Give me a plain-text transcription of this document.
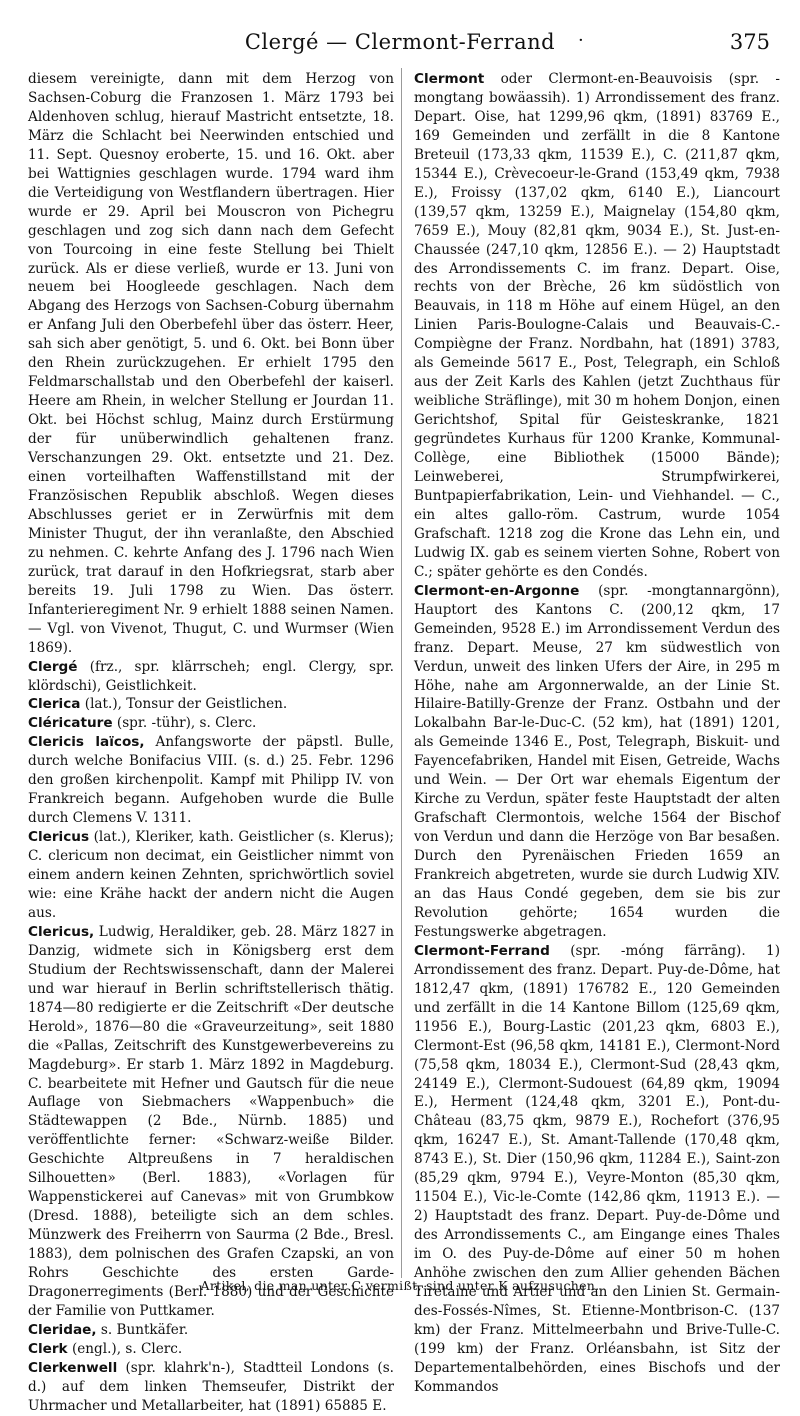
Clergé — Clermont-Ferrand	·	375

diesem vereinigte, dann mit dem Herzog von Sachsen-Coburg die Franzosen 1. März 1793 bei Aldenhoven schlug, hierauf Mastricht entsetzte, 18. März die Schlacht bei Neerwinden entschied und 11. Sept. Quesnoy eroberte, 15. und 16. Okt. aber bei Wattignies geschlagen wurde. 1794 ward ihm die Verteidigung von Westflandern übertragen. Hier wurde er 29. April bei Mouscron von Pichegru geschlagen und zog sich dann nach dem Gefecht von Tourcoing in eine feste Stellung bei Thielt zurück. Als er diese verließ, wurde er 13. Juni von neuem bei Hoogleede geschlagen. Nach dem Abgang des Herzogs von Sachsen-Coburg übernahm er Anfang Juli den Oberbefehl über das österr. Heer, sah sich aber genötigt, 5. und 6. Okt. bei Bonn über den Rhein zurückzugehen. Er erhielt 1795 den Feldmarschallstab und den Oberbefehl der kaiserl. Heere am Rhein, in welcher Stellung er Jourdan 11. Okt. bei Höchst schlug, Mainz durch Erstürmung der für unüberwindlich gehaltenen franz. Verschanzungen 29. Okt. entsetzte und 21. Dez. einen vorteilhaften Waffenstillstand mit der Französischen Republik abschloß. Wegen dieses Abschlusses geriet er in Zerwürfnis mit dem Minister Thugut, der ihn veranlaßte, den Abschied zu nehmen. C. kehrte Anfang des J. 1796 nach Wien zurück, trat darauf in den Hofkriegsrat, starb aber bereits 19. Juli 1798 zu Wien. Das österr. Infanterieregiment Nr. 9 erhielt 1888 seinen Namen. — Vgl. von Vivenot, Thugut, C. und Wurmser (Wien 1869).

Clergé (frz., spr. klärrscheh; engl. Clergy, spr. klördschi), Geistlichkeit.

Clerica (lat.), Tonsur der Geistlichen.

Cléricature (spr. -tühr), s. Clerc.

Clericis laïcos, Anfangsworte der päpstl. Bulle, durch welche Bonifacius VIII. (s. d.) 25. Febr. 1296 den großen kirchenpolit. Kampf mit Philipp IV. von Frankreich begann. Aufgehoben wurde die Bulle durch Clemens V. 1311.

Clericus (lat.), Kleriker, kath. Geistlicher (s. Klerus); C. clericum non decimat, ein Geistlicher nimmt von einem andern keinen Zehnten, sprichwörtlich soviel wie: eine Krähe hackt der andern nicht die Augen aus.

Clericus, Ludwig, Heraldiker, geb. 28. März 1827 in Danzig, widmete sich in Königsberg erst dem Studium der Rechtswissenschaft, dann der Malerei und war hierauf in Berlin schriftstellerisch thätig. 1874—80 redigierte er die Zeitschrift «Der deutsche Herold», 1876—80 die «Gravеurzeitung», seit 1880 die «Pallas, Zeitschrift des Kunstgewerbevereins zu Magdeburg». Er starb 1. März 1892 in Magdeburg. C. bearbeitete mit Hefner und Gautsch für die neue Auflage von Siebmachers «Wappenbuch» die Städtewappen (2 Bde., Nürnb. 1885) und veröffentlichte ferner: «Schwarz-weiße Bilder. Geschichte Altpreußens in 7 heraldischen Silhouetten» (Berl. 1883), «Vorlagen für Wappenstickerei auf Canevas» mit von Grumbkow (Dresd. 1888), beteiligte sich an dem schles. Münzwerk des Freiherrn von Saurma (2 Bde., Bresl. 1883), dem polnischen des Grafen Czapski, an von Rohrs Geschichte des ersten Garde-Dragonerregiments (Berl. 1880) und der Geschichte der Familie von Puttkamer.

Cleridae, s. Buntkäfer.

Clerk (engl.), s. Clerc.

Clerkenwell (spr. klahrk'n-), Stadtteil Londons (s. d.) auf dem linken Themseufer, Distrikt der Uhrmacher und Metallarbeiter, hat (1891) 65885 E.

Clermont oder Clermont-en-Beauvoisis (spr. -mongtang bowäassih). 1) Arrondissement des franz. Depart. Oise, hat 1299,96 qkm, (1891) 83769 E., 169 Gemeinden und zerfällt in die 8 Kantone Breteuil (173,33 qkm, 11539 E.), C. (211,87 qkm, 15344 E.), Crèvecoeur-le-Grand (153,49 qkm, 7938 E.), Froissy (137,02 qkm, 6140 E.), Liancourt (139,57 qkm, 13259 E.), Maignelay (154,80 qkm, 7659 E.), Mouy (82,81 qkm, 9034 E.), St. Just-en-Chaussée (247,10 qkm, 12856 E.). — 2) Hauptstadt des Arrondissements C. im franz. Depart. Oise, rechts von der Brèche, 26 km südöstlich von Beauvais, in 118 m Höhe auf einem Hügel, an den Linien Paris-Boulogne-Calais und Beauvais-C.-Compiègne der Franz. Nordbahn, hat (1891) 3783, als Gemeinde 5617 E., Post, Telegraph, ein Schloß aus der Zeit Karls des Kahlen (jetzt Zuchthaus für weibliche Sträflinge), mit 30 m hohem Donjon, einen Gerichtshof, Spital für Geisteskranke, 1821 gegründetes Kurhaus für 1200 Kranke, Kommunal-Collège, eine Bibliothek (15000 Bände); Leinweberei, Strumpfwirkerei, Buntpapierfabrikation, Lein- und Viehhandel. — C., ein altes gallo-röm. Castrum, wurde 1054 Grafschaft. 1218 zog die Krone das Lehn ein, und Ludwig IX. gab es seinem vierten Sohne, Robert von C.; später gehörte es den Condés.

Clermont-en-Argonne (spr. -mongtannargönn), Hauptort des Kantons C. (200,12 qkm, 17 Gemeinden, 9528 E.) im Arrondissement Verdun des franz. Depart. Meuse, 27 km südwestlich von Verdun, unweit des linken Ufers der Aire, in 295 m Höhe, nahe am Argonnerwalde, an der Linie St. Hilaire-Batilly-Grenze der Franz. Ostbahn und der Lokalbahn Bar-le-Duc-C. (52 km), hat (1891) 1201, als Gemeinde 1346 E., Post, Telegraph, Biskuit- und Fayencefabriken, Handel mit Eisen, Getreide, Wachs und Wein. — Der Ort war ehemals Eigentum der Kirche zu Verdun, später feste Hauptstadt der alten Grafschaft Clermontois, welche 1564 der Bischof von Verdun und dann die Herzöge von Bar besaßen. Durch den Pyrenäischen Frieden 1659 an Frankreich abgetreten, wurde sie durch Ludwig XIV. an das Haus Condé gegeben, dem sie bis zur Revolution gehörte; 1654 wurden die Festungswerke abgetragen.

Clermont-Ferrand (spr. -móng färrāng). 1) Arrondissement des franz. Depart. Puy-de-Dôme, hat 1812,47 qkm, (1891) 176782 E., 120 Gemeinden und zerfällt in die 14 Kantone Billom (125,69 qkm, 11956 E.), Bourg-Lastic (201,23 qkm, 6803 E.), Clermont-Est (96,58 qkm, 14181 E.), Clermont-Nord (75,58 qkm, 18034 E.), Clermont-Sud (28,43 qkm, 24149 E.), Clermont-Sudouest (64,89 qkm, 19094 E.), Herment (124,48 qkm, 3201 E.), Pont-du-Château (83,75 qkm, 9879 E.), Rochefort (376,95 qkm, 16247 E.), St. Amant-Tallende (170,48 qkm, 8743 E.), St. Dier (150,96 qkm, 11284 E.), Saint-zon (85,29 qkm, 9794 E.), Veyre-Monton (85,30 qkm, 11504 E.), Vic-le-Comte (142,86 qkm, 11913 E.). — 2) Hauptstadt des franz. Depart. Puy-de-Dôme und des Arrondissements C., am Eingange eines Thales im O. des Puy-de-Dôme auf einer 50 m hohen Anhöhe zwischen den zum Allier gehenden Bächen Tiretaine und Artier und an den Linien St. Germain-des-Fossés-Nîmes, St. Etienne-Montbrison-C. (137 km) der Franz. Mittelmeerbahn und Brive-Tulle-C. (199 km) der Franz. Orléansbahn, ist Sitz der Departementalbehörden, eines Bischofs und der Kommandos

Artikel, die man unter C vermißt, sind unter K aufzusuchen.
